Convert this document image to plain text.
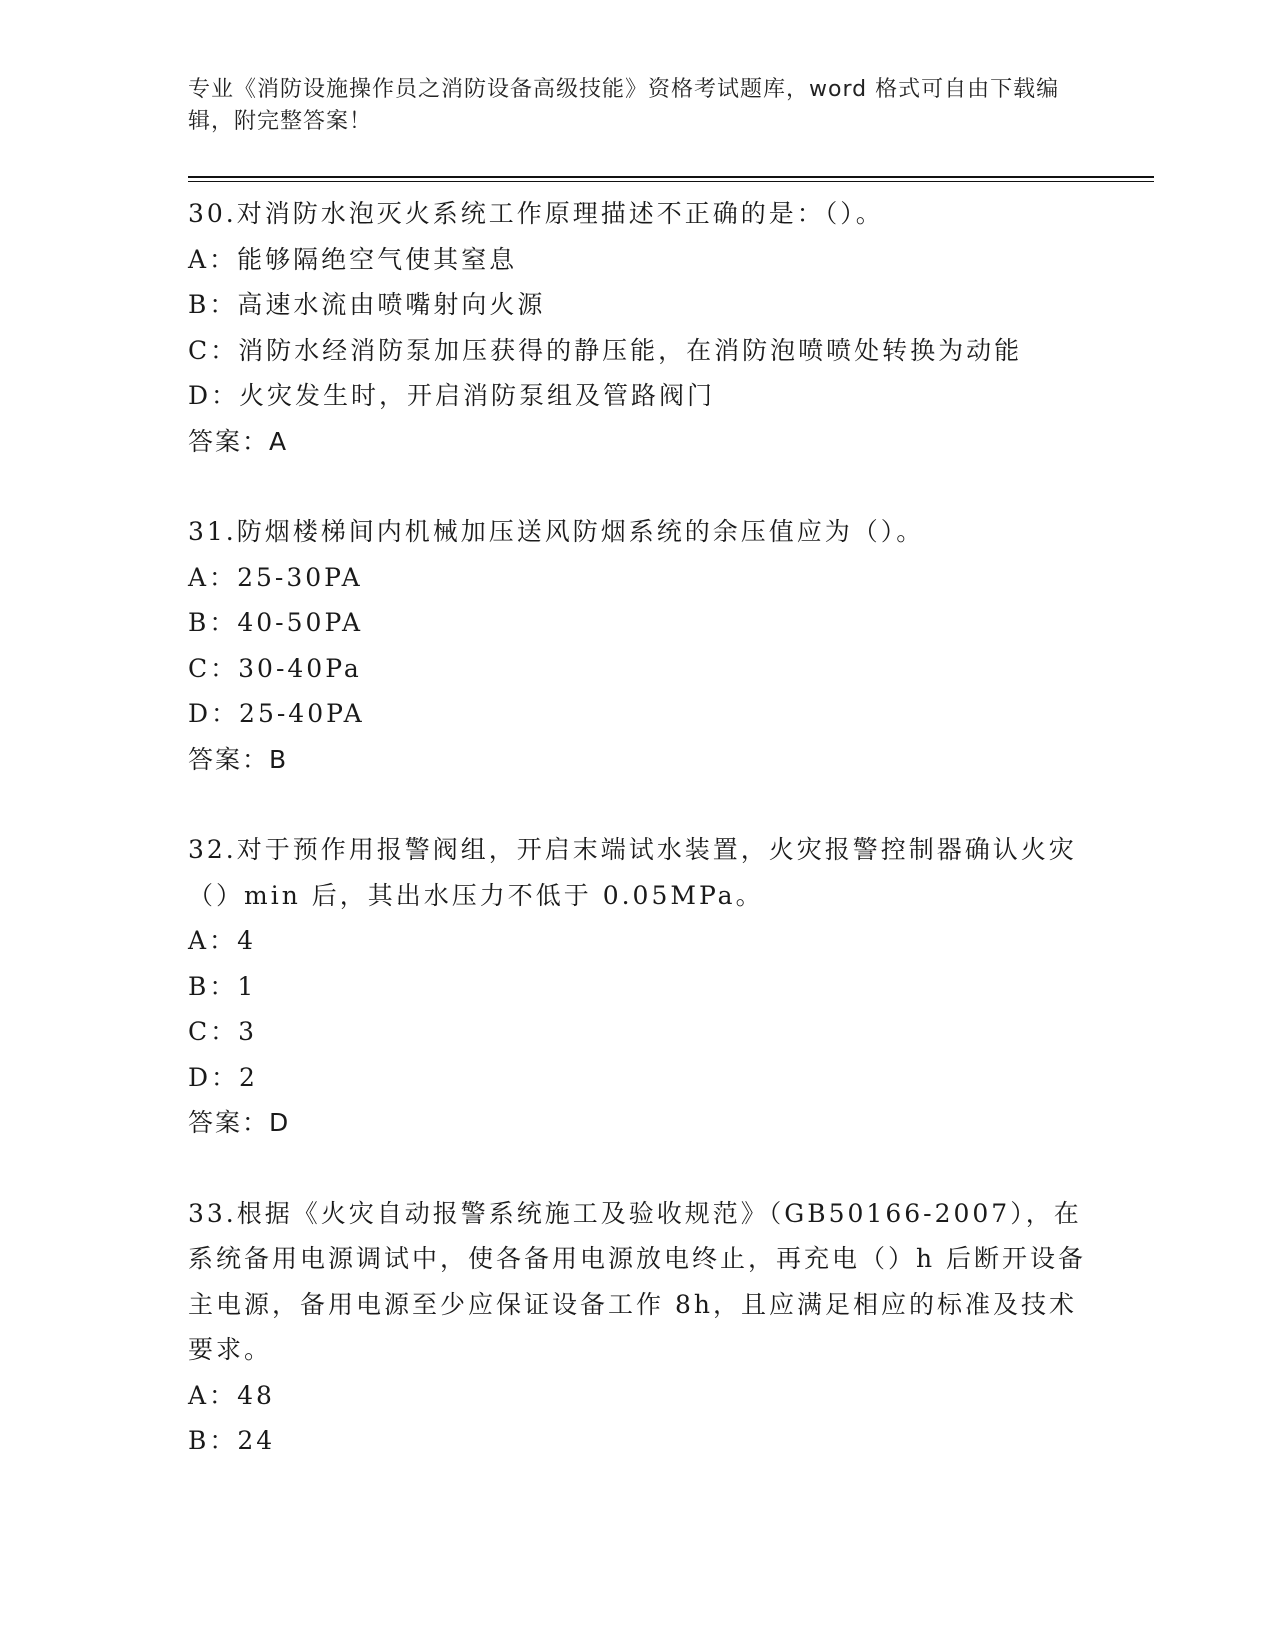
专业《消防设施操作员之消防设备高级技能》资格考试题库，word 格式可自由下载编辑，附完整答案！

30.对消防水泡灭火系统工作原理描述不正确的是：（）。

A：能够隔绝空气使其窒息

B：高速水流由喷嘴射向火源

C：消防水经消防泵加压获得的静压能，在消防泡喷喷处转换为动能

D：火灾发生时，开启消防泵组及管路阀门

答案：A

31.防烟楼梯间内机械加压送风防烟系统的余压值应为（）。

A：25-30PA

B：40-50PA

C：30-40Pa

D：25-40PA

答案：B

32.对于预作用报警阀组，开启末端试水装置，火灾报警控制器确认火灾（）min 后，其出水压力不低于 0.05MPa。

A：4

B：1

C：3

D：2

答案：D

33.根据《火灾自动报警系统施工及验收规范》（GB50166-2007），在系统备用电源调试中，使各备用电源放电终止，再充电（）h 后断开设备主电源，备用电源至少应保证设备工作 8h，且应满足相应的标准及技术要求。

A：48

B：24
